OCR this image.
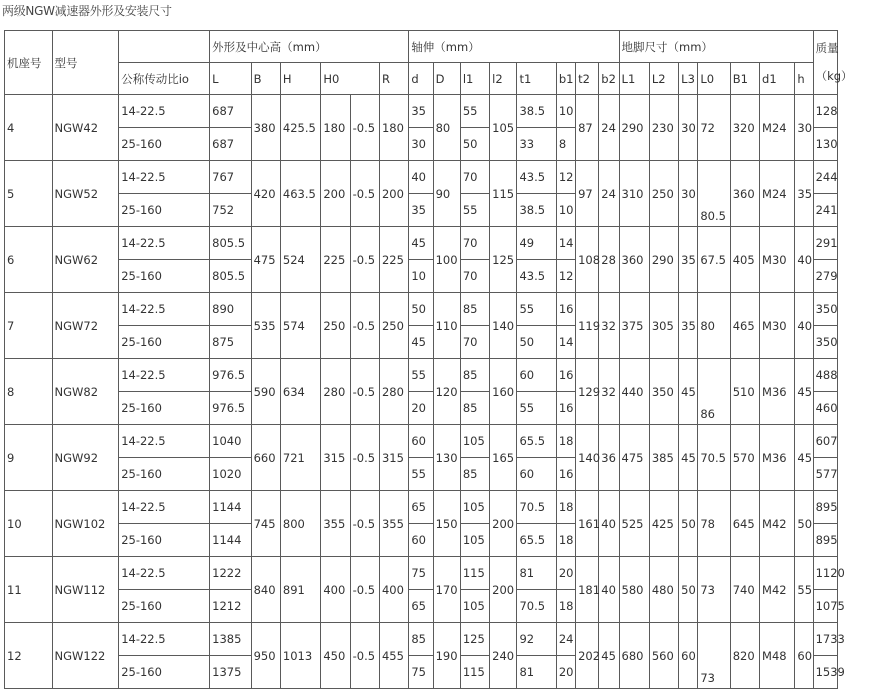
两级NGW减速器外形及安装尺寸
机座号	型号		外形及中心高（mm）						轴伸（mm）								地脚尺寸（mm）							质量

（kg）
		公称传动比io	L	B	H	H0		R	d	D	l1	l2	t1	b1	t2	b2	L1	L2	L3	L0	B1	d1	h	
4	NGW42	14-22.5	687	380	425.5	180	-0.5	180	35	80	55	105	38.5	10	87	24	290	230	30	72	320	M24	30	128
		25-160	687						30		50		33	8										130
5	NGW52	14-22.5	767	420	463.5	200	-0.5	200	40	90	70	115	43.5	12	97	24	310	250	30	80.5	360	M24	35	244
		25-160	752						35		55		38.5	10										241
6	NGW62	14-22.5	805.5	475	524	225	-0.5	225	45	100	70	125	49	14	108	28	360	290	35	67.5	405	M30	40	291
		25-160	805.5						10		70		43.5	12										279
7	NGW72	14-22.5	890	535	574	250	-0.5	250	50	110	85	140	55	16	119	32	375	305	35	80	465	M30	40	350
		25-160	875						45		70		50	14										350
8	NGW82	14-22.5	976.5	590	634	280	-0.5	280	55	120	85	160	60	16	129	32	440	350	45	86	510	M36	45	488
		25-160	976.5						20		85		55	16										460
9	NGW92	14-22.5	1040	660	721	315	-0.5	315	60	130	105	165	65.5	18	140	36	475	385	45	70.5	570	M36	45	607
		25-160	1020						55		85		60	16										577
10	NGW102	14-22.5	1144	745	800	355	-0.5	355	65	150	105	200	70.5	18	161	40	525	425	50	78	645	M42	50	895
		25-160	1144						60		105		65.5	18										895
11	NGW112	14-22.5	1222	840	891	400	-0.5	400	75	170	115	200	81	20	181	40	580	480	50	73	740	M42	55	1120
		25-160	1212						65		105		70.5	18										1075
12	NGW122	14-22.5	1385	950	1013	450	-0.5	455	85	190	125	240	92	24	202	45	680	560	60	73	820	M48	60	1733
		25-160	1375						75		115		81	20										1539
